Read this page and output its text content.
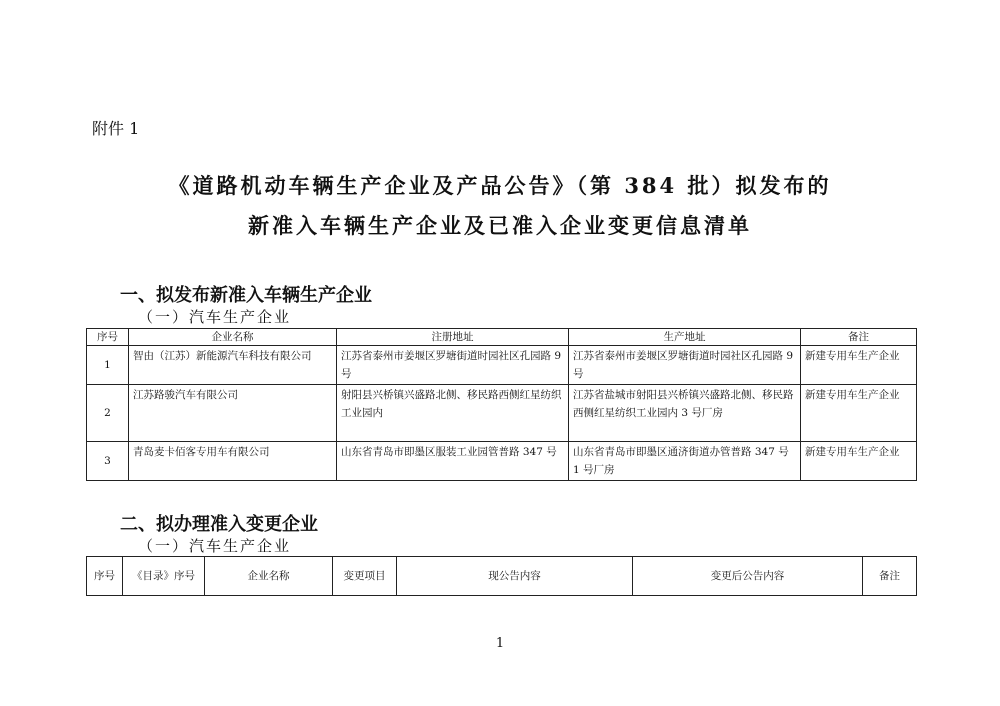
附件 1
《道路机动车辆生产企业及产品公告》（第 384 批）拟发布的
新准入车辆生产企业及已准入企业变更信息清单
一、拟发布新准入车辆生产企业
（一）汽车生产企业
序号	企业名称	注册地址	生产地址	备注
1	智由（江苏）新能源汽车科技有限公司	江苏省泰州市姜堰区罗塘街道时园社区孔园路 9 号	江苏省泰州市姜堰区罗塘街道时园社区孔园路 9 号	新建专用车生产企业
2	江苏路骏汽车有限公司	射阳县兴桥镇兴盛路北侧、移民路西侧红星纺织工业园内	江苏省盐城市射阳县兴桥镇兴盛路北侧、移民路西侧红星纺织工业园内 3 号厂房	新建专用车生产企业
3	青岛麦卡佰客专用车有限公司	山东省青岛市即墨区服装工业园管普路 347 号	山东省青岛市即墨区通济街道办管普路 347 号 1 号厂房	新建专用车生产企业
二、拟办理准入变更企业
（一）汽车生产企业
序号	《目录》序号	企业名称	变更项目	现公告内容	变更后公告内容	备注
1
